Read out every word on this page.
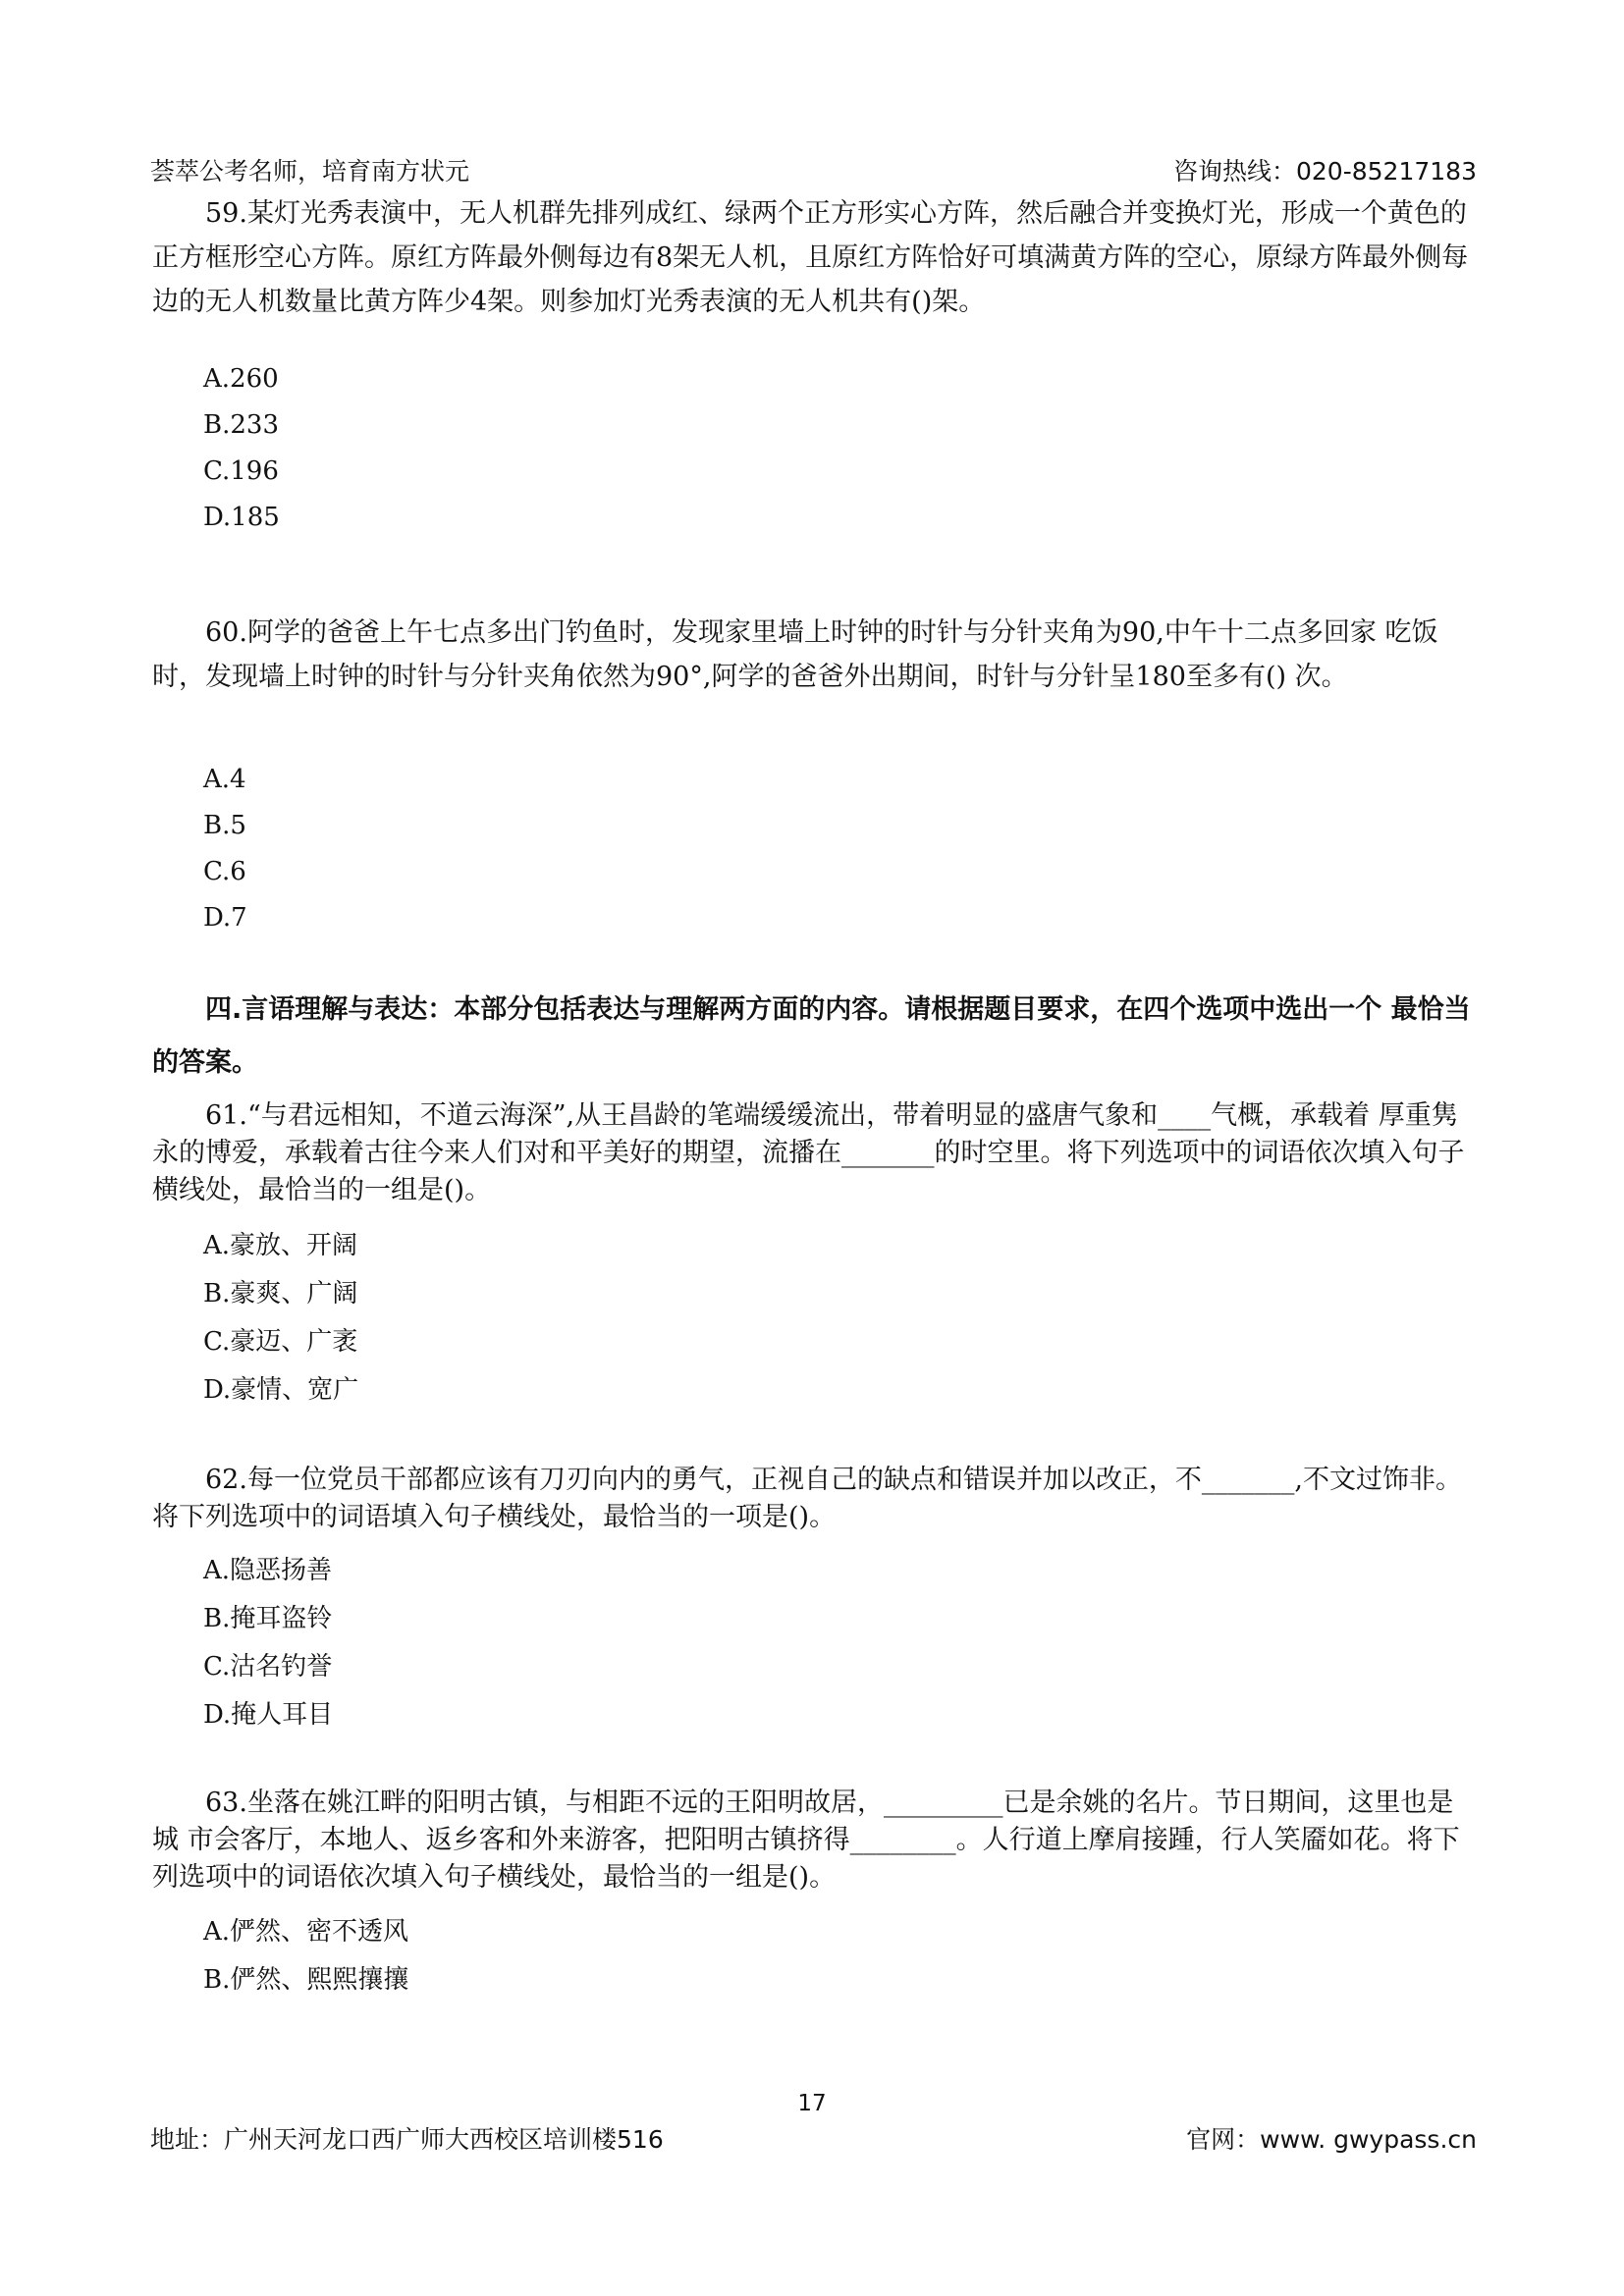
荟萃公考名师，培育南方状元	咨询热线：020-85217183
59.某灯光秀表演中，无人机群先排列成红、绿两个正方形实心方阵，然后融合并变换灯光，形成一个黄色的正方框形空心方阵。原红方阵最外侧每边有8架无人机，且原红方阵恰好可填满黄方阵的空心，原绿方阵最外侧每边的无人机数量比黄方阵少4架。则参加灯光秀表演的无人机共有()架。
A.260
B.233
C.196
D.185
60.阿学的爸爸上午七点多出门钓鱼时，发现家里墙上时钟的时针与分针夹角为90,中午十二点多回家 吃饭时，发现墙上时钟的时针与分针夹角依然为90°,阿学的爸爸外出期间，时针与分针呈180至多有() 次。
A.4
B.5
C.6
D.7
四.言语理解与表达：本部分包括表达与理解两方面的内容。请根据题目要求，在四个选项中选出一个 最恰当的答案。
61.“与君远相知，不道云海深”,从王昌龄的笔端缓缓流出，带着明显的盛唐气象和____气概，承载着 厚重隽永的博爱，承载着古往今来人们对和平美好的期望，流播在_______的时空里。将下列选项中的词语依次填入句子横线处，最恰当的一组是()。
A.豪放、开阔
B.豪爽、广阔
C.豪迈、广袤
D.豪情、宽广
62.每一位党员干部都应该有刀刃向内的勇气，正视自己的缺点和错误并加以改正，不_______,不文过饰非。将下列选项中的词语填入句子横线处，最恰当的一项是()。
A.隐恶扬善
B.掩耳盗铃
C.沽名钓誉
D.掩人耳目
63.坐落在姚江畔的阳明古镇，与相距不远的王阳明故居，_________已是余姚的名片。节日期间，这里也是城 市会客厅，本地人、返乡客和外来游客，把阳明古镇挤得________。人行道上摩肩接踵，行人笑靥如花。将下列选项中的词语依次填入句子横线处，最恰当的一组是()。
A.俨然、密不透风
B.俨然、熙熙攘攘
17
地址：广州天河龙口西广师大西校区培训楼516	官网：www. gwypass.cn
